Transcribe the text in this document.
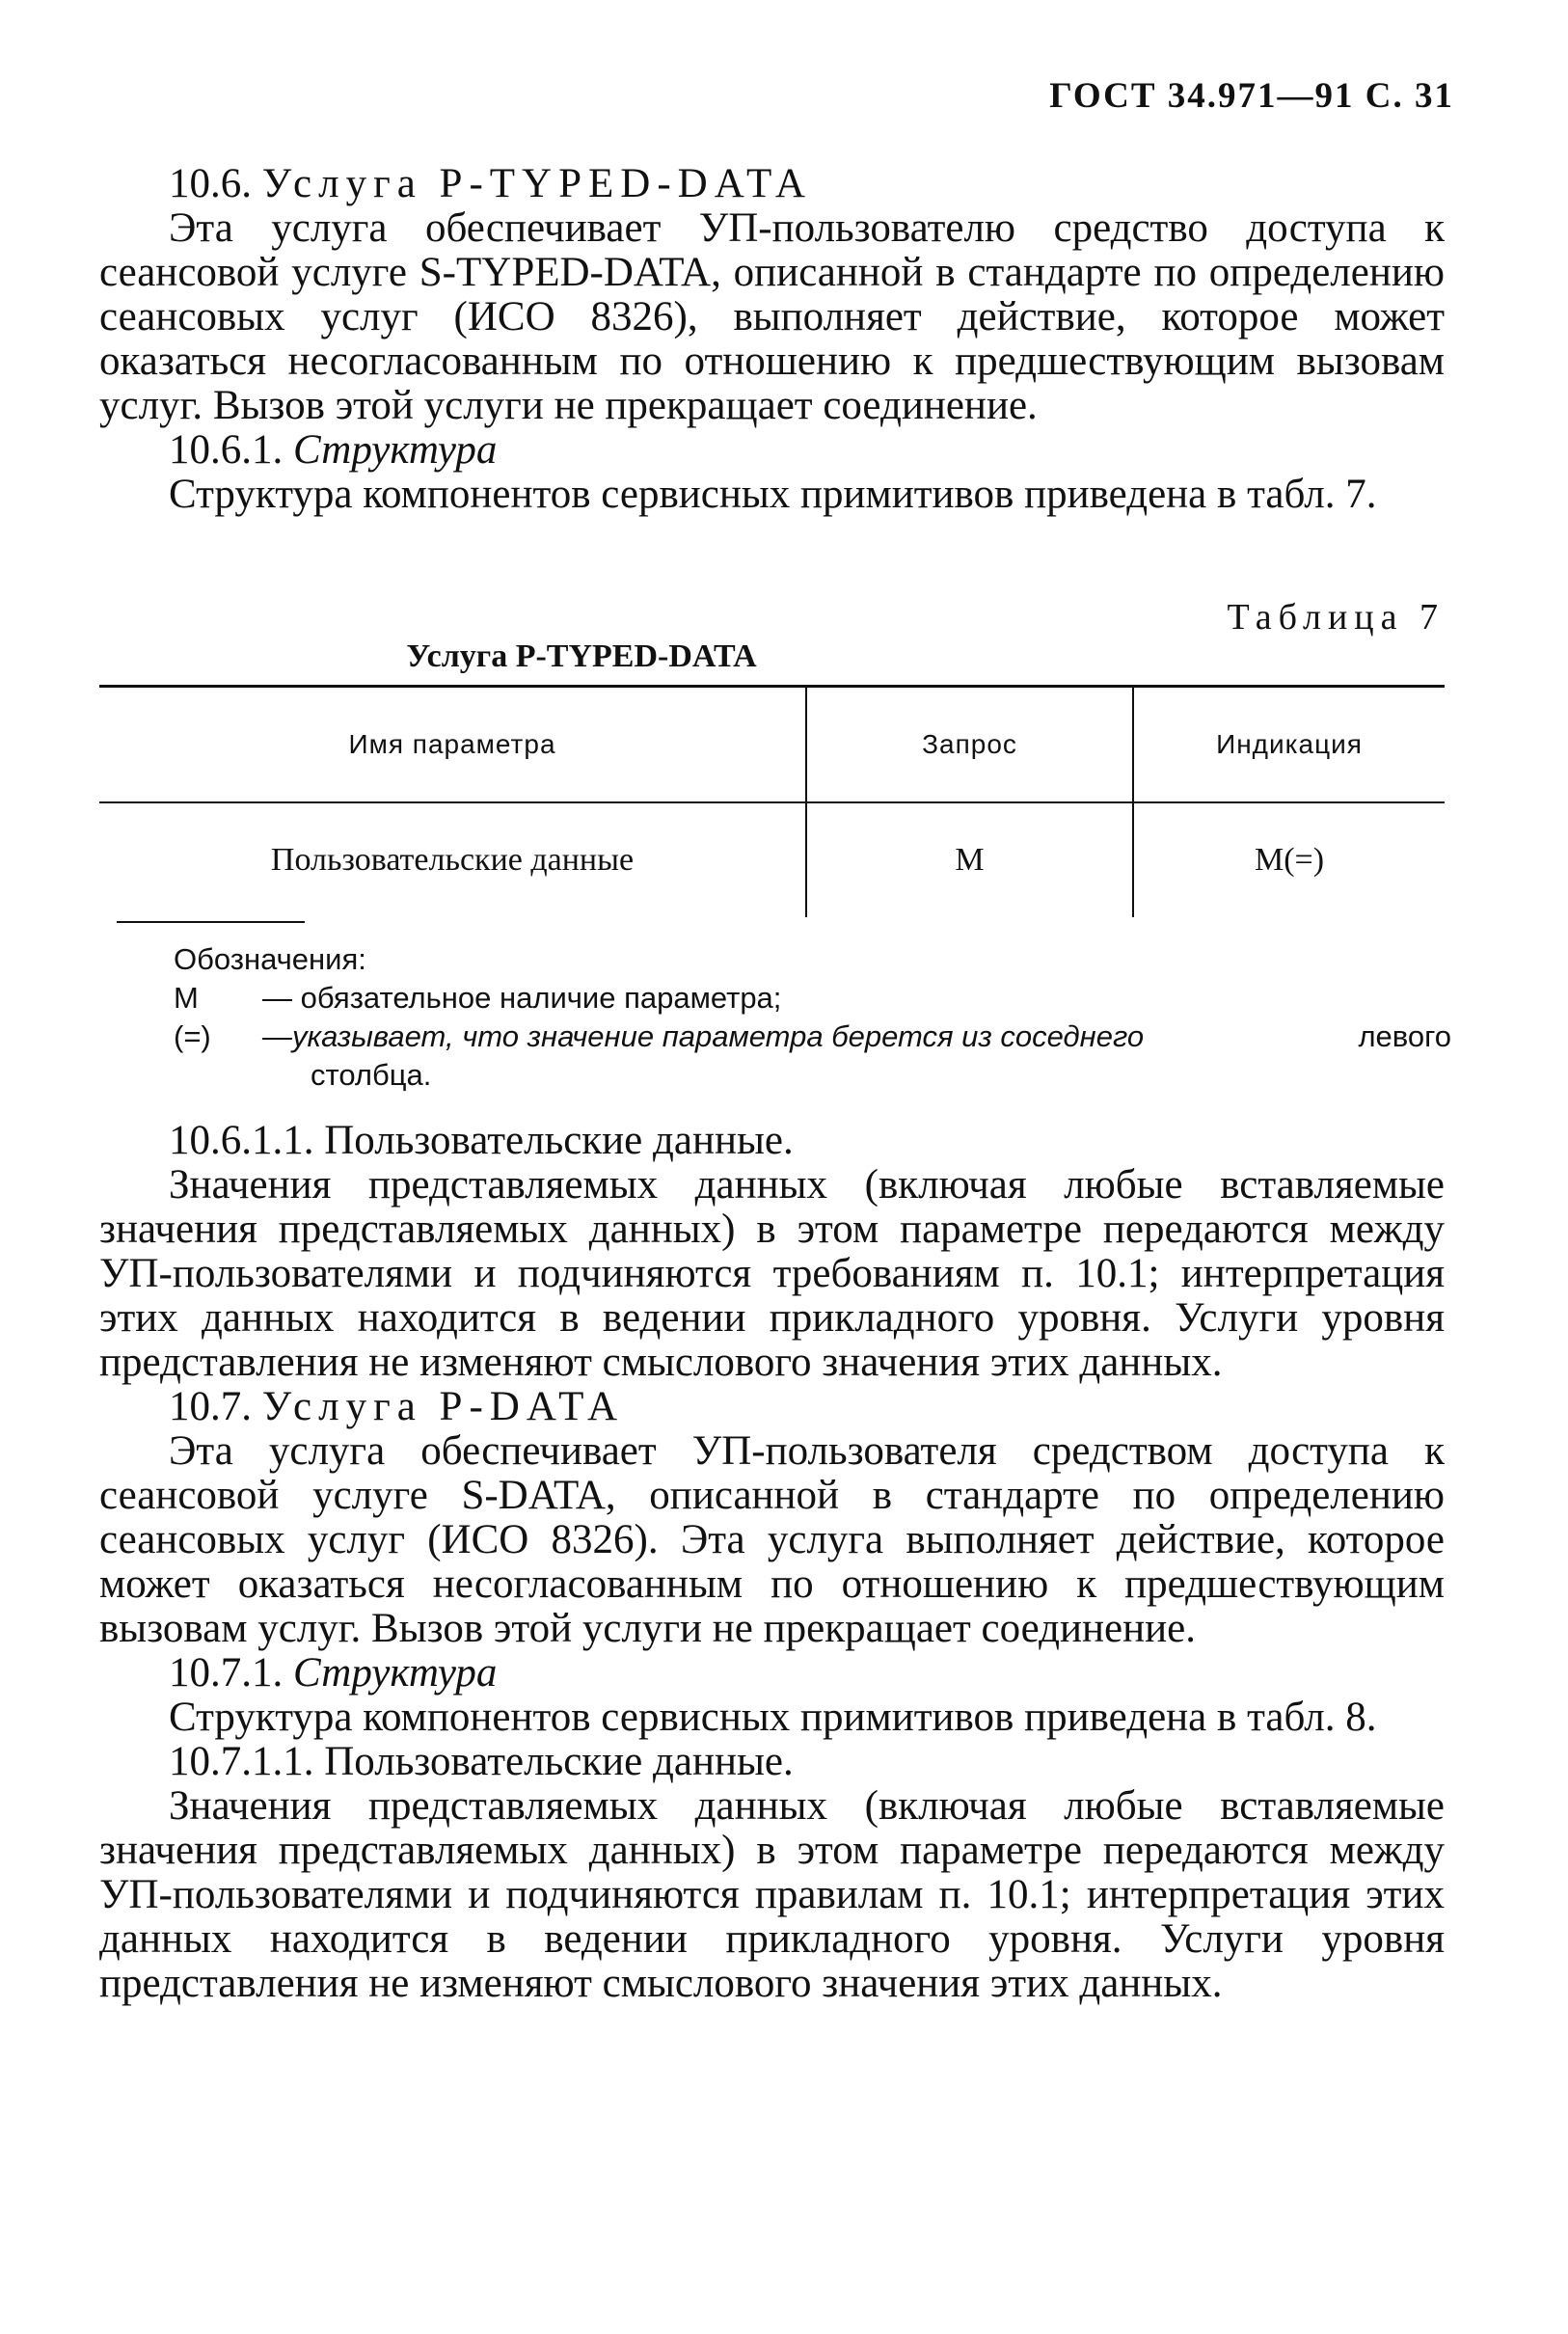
ГОСТ 34.971—91 С. 31

10.6. Услуга P-TYPED-DATA

Эта услуга обеспечивает УП-пользователю средство доступа к сеансовой услуге S-TYPED-DATA, описанной в стандарте по определению сеансовых услуг (ИСО 8326), выполняет действие, которое может оказаться несогласованным по отношению к предшествующим вызовам услуг. Вызов этой услуги не прекращает соединение.

10.6.1. Структура

Структура компонентов сервисных примитивов приведена в табл. 7.

Таблица 7
Услуга P-TYPED-DATA
Имя параметра	Запрос	Индикация
Пользовательские данные	M	M(=)
Обозначения:
M	— обязательное наличие параметра;
(=)	—указывает, что значение параметра берется из соседнего	левого
столбца.

10.6.1.1. Пользовательские данные.

Значения представляемых данных (включая любые вставляемые значения представляемых данных) в этом параметре передаются между УП-пользователями и подчиняются требованиям п. 10.1; интерпретация этих данных находится в ведении прикладного уровня. Услуги уровня представления не изменяют смыслового значения этих данных.

10.7. Услуга P-DATA

Эта услуга обеспечивает УП-пользователя средством доступа к сеансовой услуге S-DATA, описанной в стандарте по определению сеансовых услуг (ИСО 8326). Эта услуга выполняет действие, которое может оказаться несогласованным по отношению к предшествующим вызовам услуг. Вызов этой услуги не прекращает соединение.

10.7.1. Структура

Структура компонентов сервисных примитивов приведена в табл. 8.

10.7.1.1. Пользовательские данные.

Значения представляемых данных (включая любые вставляемые значения представляемых данных) в этом параметре передаются между УП-пользователями и подчиняются правилам п. 10.1; интерпретация этих данных находится в ведении прикладного уровня. Услуги уровня представления не изменяют смыслового значения этих данных.
